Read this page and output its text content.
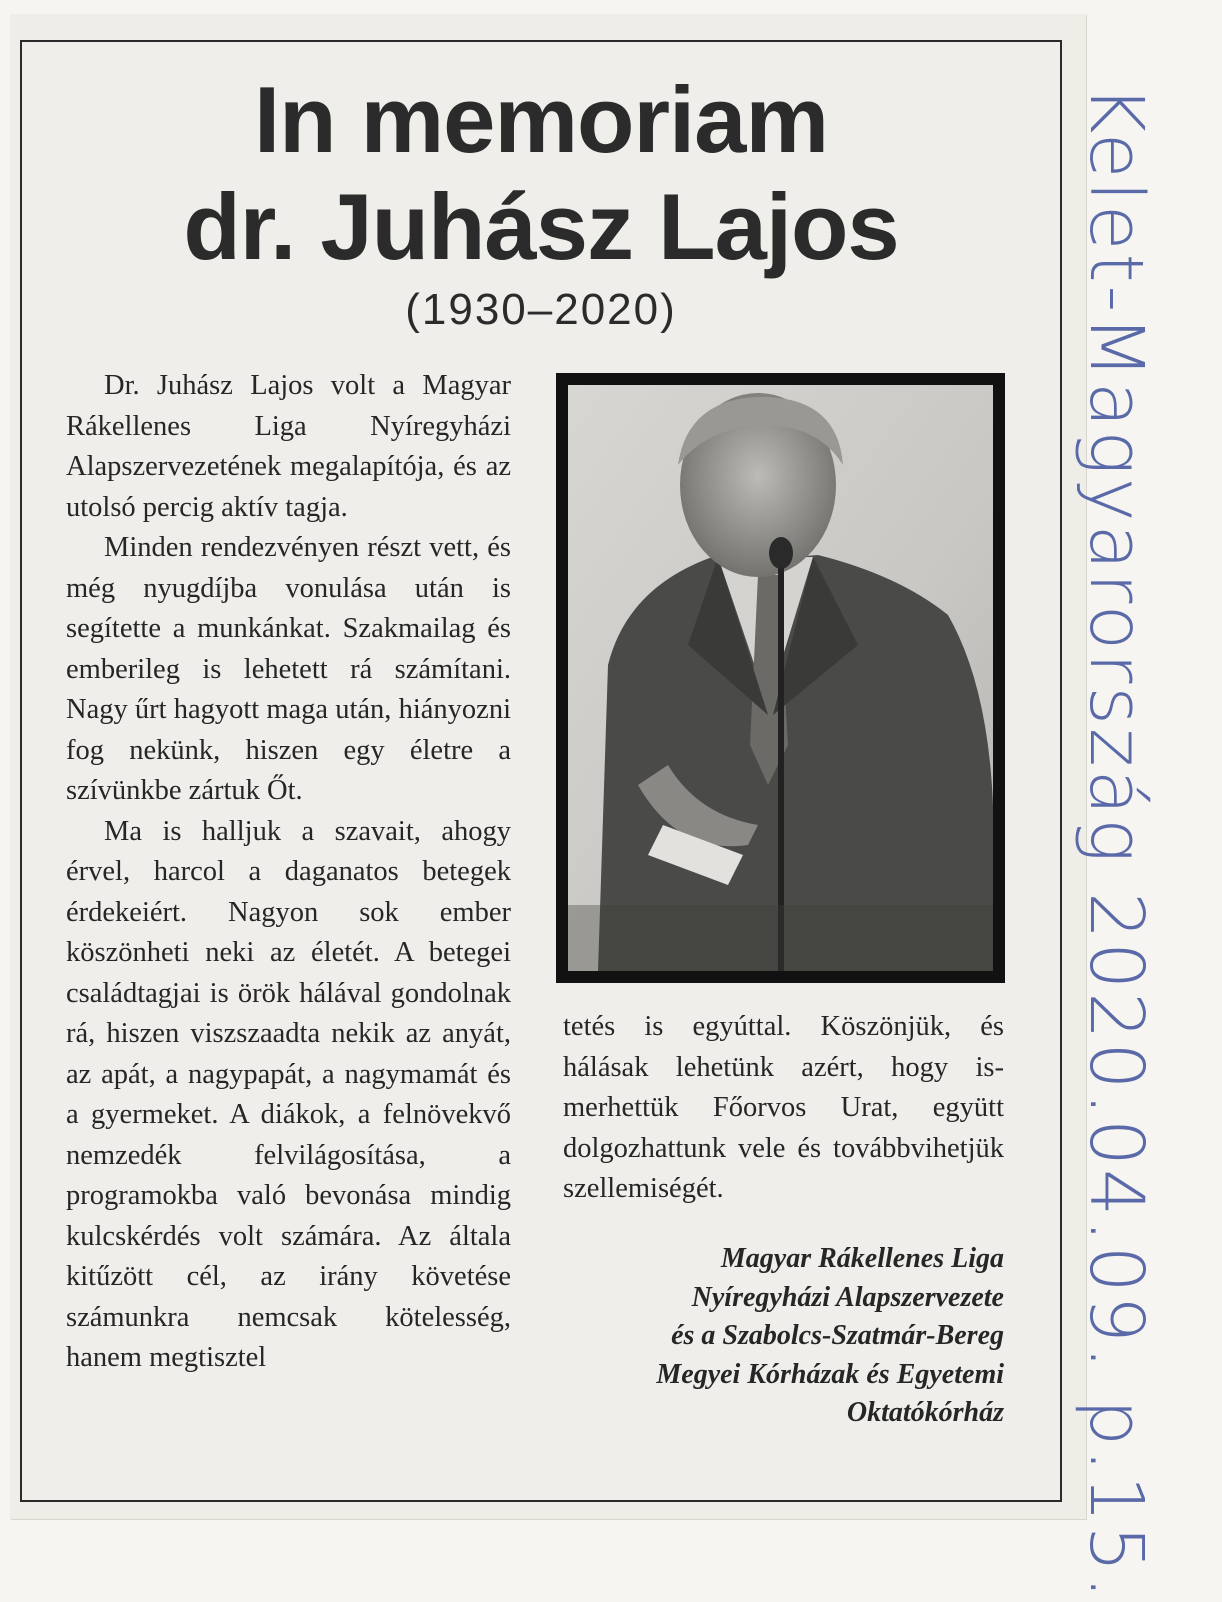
In memoriam
dr. Juhász Lajos
(1930–2020)

Dr. Juhász Lajos volt a Magyar Rákellenes Liga Nyíregyházi Alapszervezetének megalapítója, és az utolsó percig aktív tagja.

Minden rendezvényen részt vett, és még nyugdíjba vonulása után is segítette a munkánkat. Szakmailag és emberileg is lehetett rá számítani. Nagy űrt hagyott maga után, hiányozni fog nekünk, hiszen egy életre a szívünkbe zártuk Őt.

Ma is halljuk a szavait, ahogy érvel, harcol a daganatos betegek érdekeiért. Nagyon sok ember köszönheti neki az életét. A betegei családtagjai is örök hálával gondolnak rá, hiszen viszszaadta nekik az anyát, az apát, a nagypapát, a nagymamát és a gyermeket. A diákok, a felnövekvő nemzedék felvilágosítása, a programokba való bevonása mindig kulcskérdés volt számára. Az általa kitűzött cél, az irány követése számunkra nemcsak kötelesség, hanem megtisztel

tetés is egyúttal. Köszönjük, és hálásak lehetünk azért, hogy ismerhettük Főorvos Urat, együtt dolgozhattunk vele és továbbvihetjük szellemiségét.

Magyar Rákellenes Liga
Nyíregyházi Alapszervezete
és a Szabolcs-Szatmár-Bereg
Megyei Kórházak és Egyetemi
Oktatókórház Kelet-Magyarország 2020.04.09. p.15.
